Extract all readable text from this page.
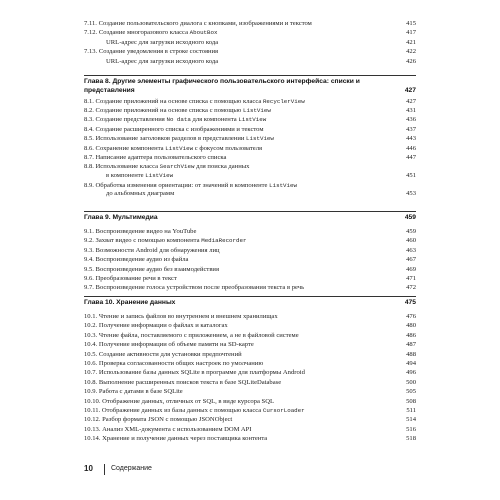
7.11. Создание пользовательского диалога с кнопками, изображениями и текстом	415
7.12. Создание многоразового класса AboutBox	417
URL-адрес для загрузки исходного кода	421
7.13. Создание уведомления в строке состояния	422
URL-адрес для загрузки исходного кода	426
Глава 8. Другие элементы графического пользовательского интерфейса: списки и представления	427
8.1. Создание приложений на основе списка с помощью класса RecyclerView	427
8.2. Создание приложений на основе списка с помощью ListView	431
8.3. Создание представления No data для компонента ListView	436
8.4. Создание расширенного списка с изображениями и текстом	437
8.5. Использование заголовков разделов в представлении ListView	443
8.6. Сохранение компонента ListView с фокусом пользователя	446
8.7. Написание адаптера пользовательского списка	447
8.8. Использование класса SearchView для поиска данных
в компоненте ListView	451
8.9. Обработка изменения ориентации: от значений в компоненте ListView
до альбомных диаграмм	453
Глава 9. Мультимедиа	459
9.1. Воспроизведение видео на YouTube	459
9.2. Захват видео с помощью компонента MediaRecorder	460
9.3. Возможности Android для обнаружения лиц	463
9.4. Воспроизведение аудио из файла	467
9.5. Воспроизведение аудио без взаимодействия	469
9.6. Преобразование речи в текст	471
9.7. Воспроизведение голоса устройством после преобразования текста в речь	472
Глава 10. Хранение данных	475
10.1. Чтение и запись файлов во внутреннем и внешнем хранилищах	476
10.2. Получение информации о файлах и каталогах	480
10.3. Чтение файла, поставляемого с приложением, а не в файловой системе	486
10.4. Получение информации об объеме памяти на SD-карте	487
10.5. Создание активности для установки предпочтений	488
10.6. Проверка согласованности общих настроек по умолчанию	494
10.7. Использование базы данных SQLite в программе для платформы Android	496
10.8. Выполнение расширенных поисков текста в базе SQLiteDatabase	500
10.9. Работа с датами в базе SQLite	505
10.10. Отображение данных, отличных от SQL, в виде курсора SQL	508
10.11. Отображение данных из базы данных с помощью класса CursorLoader	511
10.12. Разбор формата JSON с помощью JSONObject	514
10.13. Анализ XML-документа с использованием DOM API	516
10.14. Хранение и получение данных через поставщика контента	518
10	Содержание
